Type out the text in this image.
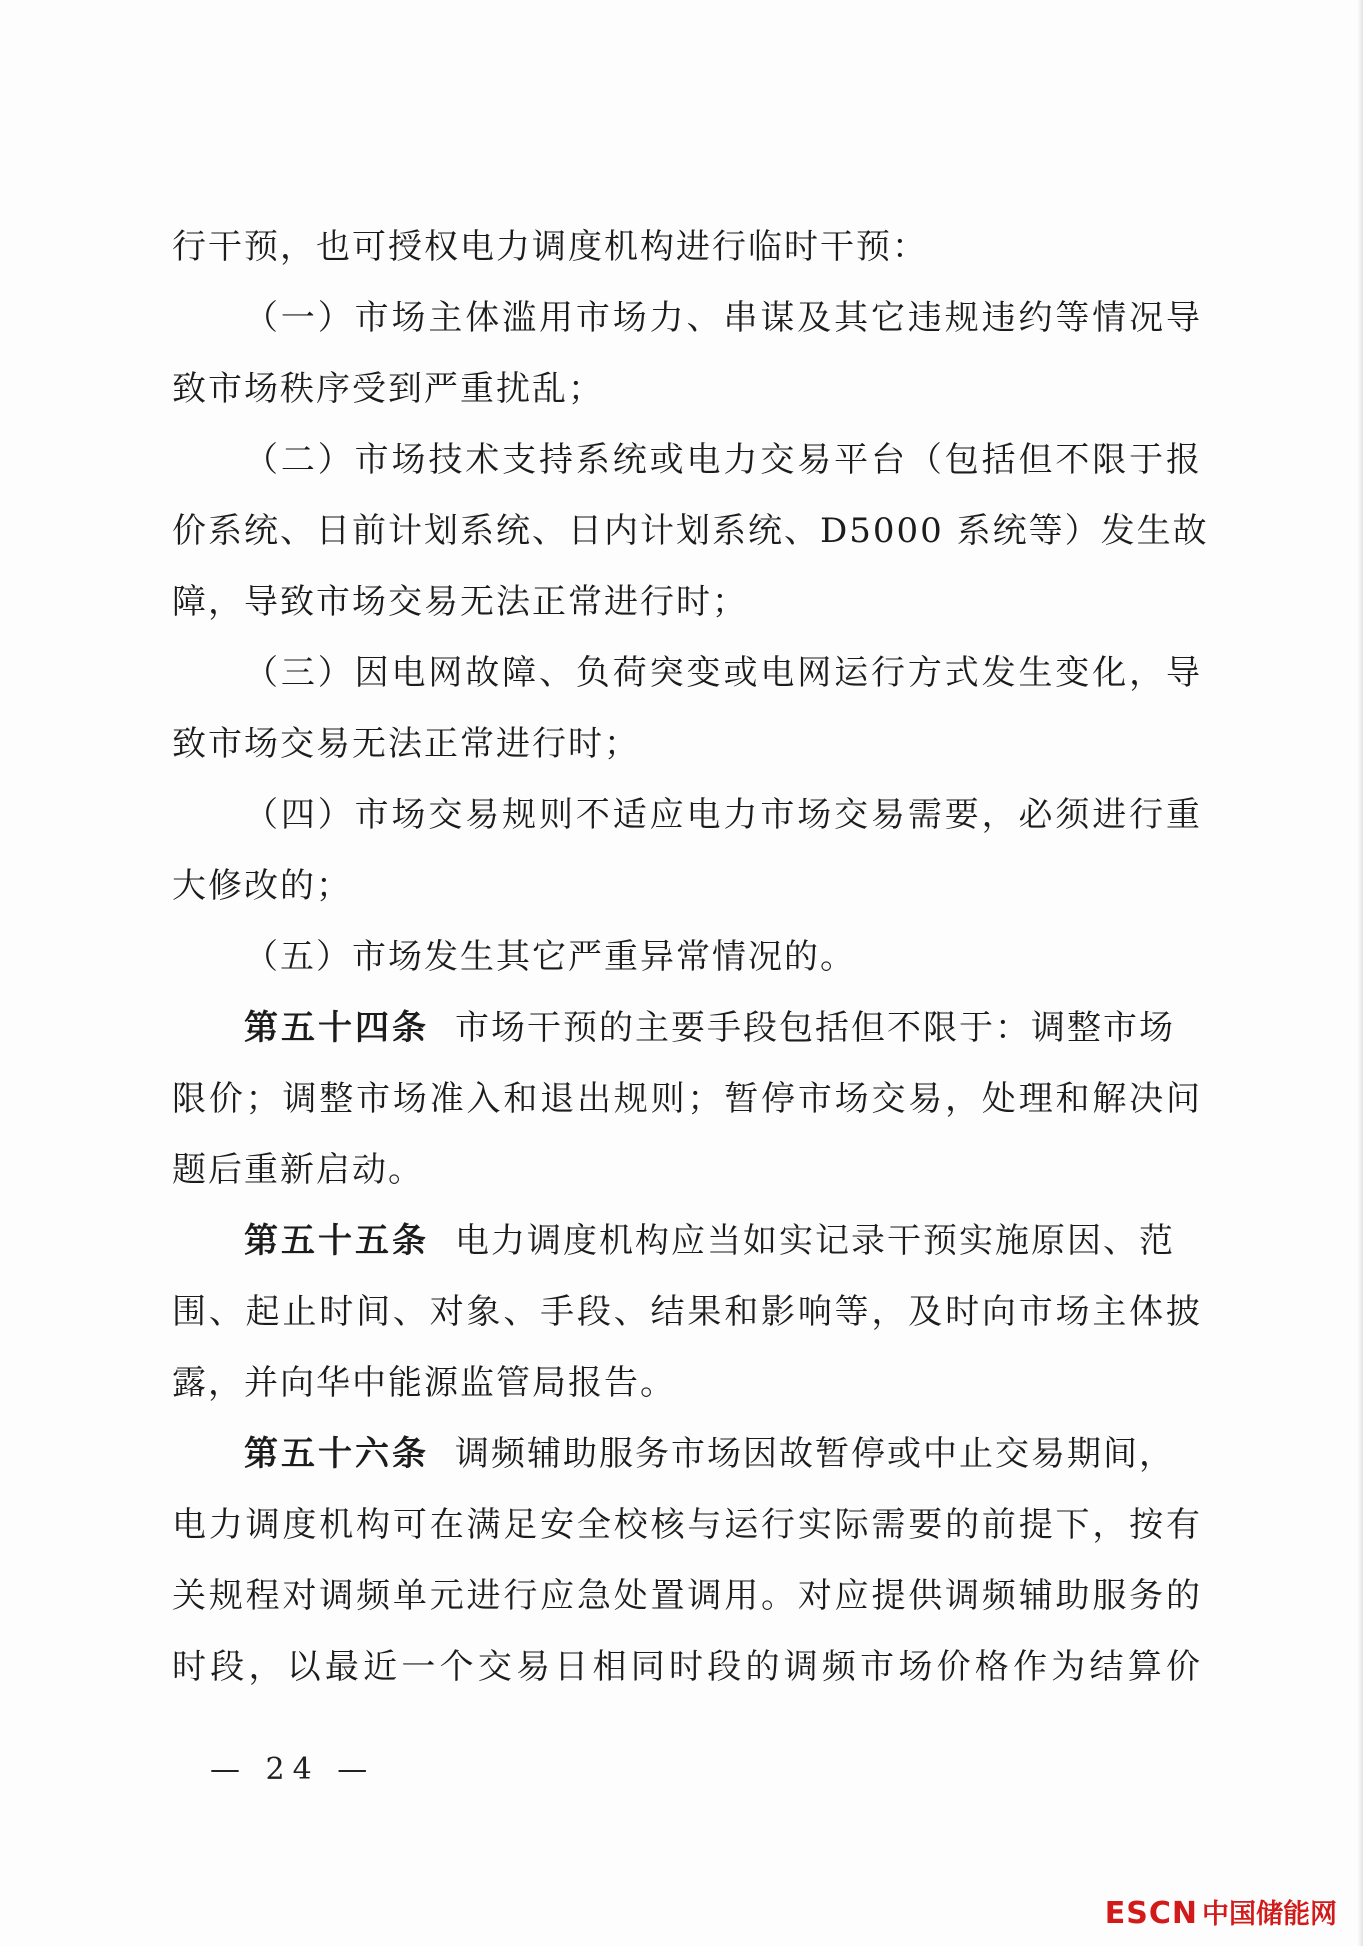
行干预，也可授权电力调度机构进行临时干预：
（一）市场主体滥用市场力、串谋及其它违规违约等情况导
致市场秩序受到严重扰乱；
（二）市场技术支持系统或电力交易平台（包括但不限于报
价系统、日前计划系统、日内计划系统、D5000 系统等）发生故
障，导致市场交易无法正常进行时；
（三）因电网故障、负荷突变或电网运行方式发生变化，导
致市场交易无法正常进行时；
（四）市场交易规则不适应电力市场交易需要，必须进行重
大修改的；
（五）市场发生其它严重异常情况的。
第五十四条 市场干预的主要手段包括但不限于：调整市场
限价；调整市场准入和退出规则；暂停市场交易，处理和解决问
题后重新启动。
第五十五条 电力调度机构应当如实记录干预实施原因、范
围、起止时间、对象、手段、结果和影响等，及时向市场主体披
露，并向华中能源监管局报告。
第五十六条 调频辅助服务市场因故暂停或中止交易期间，
电力调度机构可在满足安全校核与运行实际需要的前提下，按有
关规程对调频单元进行应急处置调用。对应提供调频辅助服务的
时段，以最近一个交易日相同时段的调频市场价格作为结算价
— 24 —
ESCN 中国储能网
